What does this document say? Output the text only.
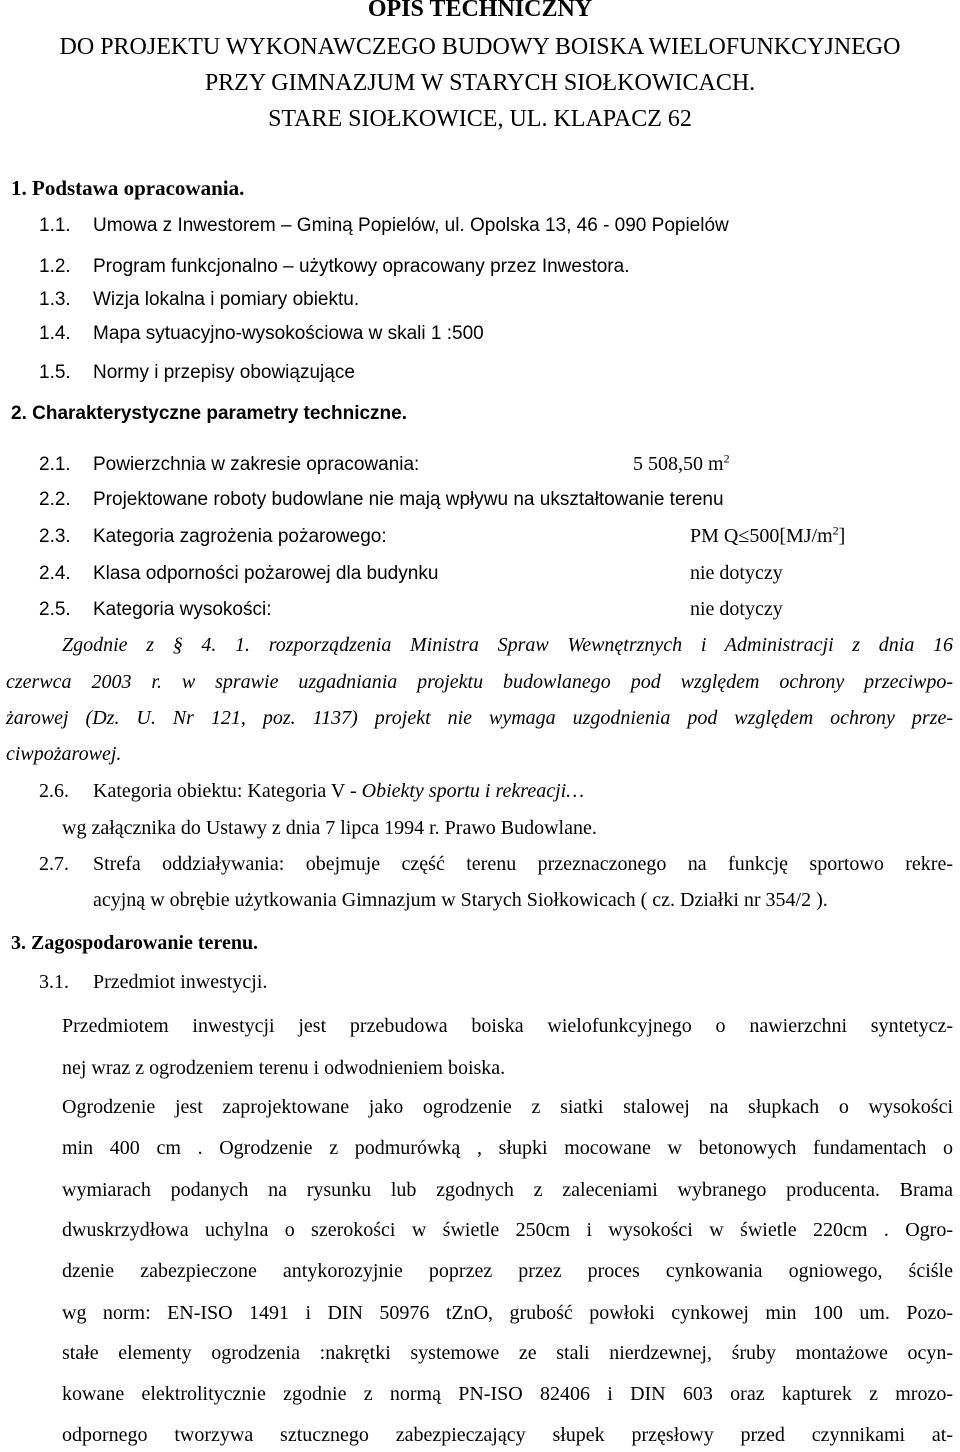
OPIS TECHNICZNY
DO PROJEKTU WYKONAWCZEGO BUDOWY BOISKA WIELOFUNKCYJNEGO
PRZY GIMNAZJUM W STARYCH SIOŁKOWICACH.
STARE SIOŁKOWICE, UL. KLAPACZ 62
1. Podstawa opracowania.
1.1. Umowa z Inwestorem – Gminą Popielów, ul. Opolska 13, 46 - 090 Popielów
1.2. Program funkcjonalno – użytkowy opracowany przez Inwestora.
1.3. Wizja lokalna i pomiary obiektu.
1.4. Mapa sytuacyjno-wysokościowa w skali 1 :500
1.5. Normy i przepisy obowiązujące
2. Charakterystyczne parametry techniczne.
2.1. Powierzchnia w zakresie opracowania:	5 508,50 $m^2$
2.2. Projektowane roboty budowlane nie mają wpływu na ukształtowanie terenu
2.3. Kategoria zagrożenia pożarowego:	PM $Q\le 500[MJ/m^2]$
2.4. Klasa odporności pożarowej dla budynku	nie dotyczy
2.5. Kategoria wysokości:	nie dotyczy
Zgodnie z § 4. 1. rozporządzenia Ministra Spraw Wewnętrznych i Administracji z dnia 16
czerwca 2003 r. w sprawie uzgadniania projektu budowlanego pod względem ochrony przeciwpo-
żarowej (Dz. U. Nr 121, poz. 1137) projekt nie wymaga uzgodnienia pod względem ochrony prze-
ciwpożarowej.
2.6. Kategoria obiektu: Kategoria V - Obiekty sportu i rekreacji…
wg załącznika do Ustawy z dnia 7 lipca 1994 r. Prawo Budowlane.
2.7. Strefa oddziaływania: obejmuje część terenu przeznaczonego na funkcję sportowo rekre-
acyjną w obrębie użytkowania Gimnazjum w Starych Siołkowicach ( cz. Działki nr 354/2 ).
3. Zagospodarowanie terenu.
3.1. Przedmiot inwestycji.
Przedmiotem inwestycji jest przebudowa boiska wielofunkcyjnego o nawierzchni syntetycz-
nej wraz z ogrodzeniem terenu i odwodnieniem boiska.
Ogrodzenie jest zaprojektowane jako ogrodzenie z siatki stalowej na słupkach o wysokości
min 400 cm . Ogrodzenie z podmurówką , słupki mocowane w betonowych fundamentach o
wymiarach podanych na rysunku lub zgodnych z zaleceniami wybranego producenta. Brama
dwuskrzydłowa uchylna o szerokości w świetle 250cm i wysokości w świetle 220cm . Ogro-
dzenie zabezpieczone antykorozyjnie poprzez przez proces cynkowania ogniowego, ściśle
wg norm: EN-ISO 1491 i DIN 50976 tZnO, grubość powłoki cynkowej min 100 um. Pozo-
stałe elementy ogrodzenia :nakrętki systemowe ze stali nierdzewnej, śruby montażowe ocyn-
kowane elektrolitycznie zgodnie z normą PN-ISO 82406 i DIN 603 oraz kapturek z mrozo-
odpornego tworzywa sztucznego zabezpieczający słupek przęsłowy przed czynnikami at-
